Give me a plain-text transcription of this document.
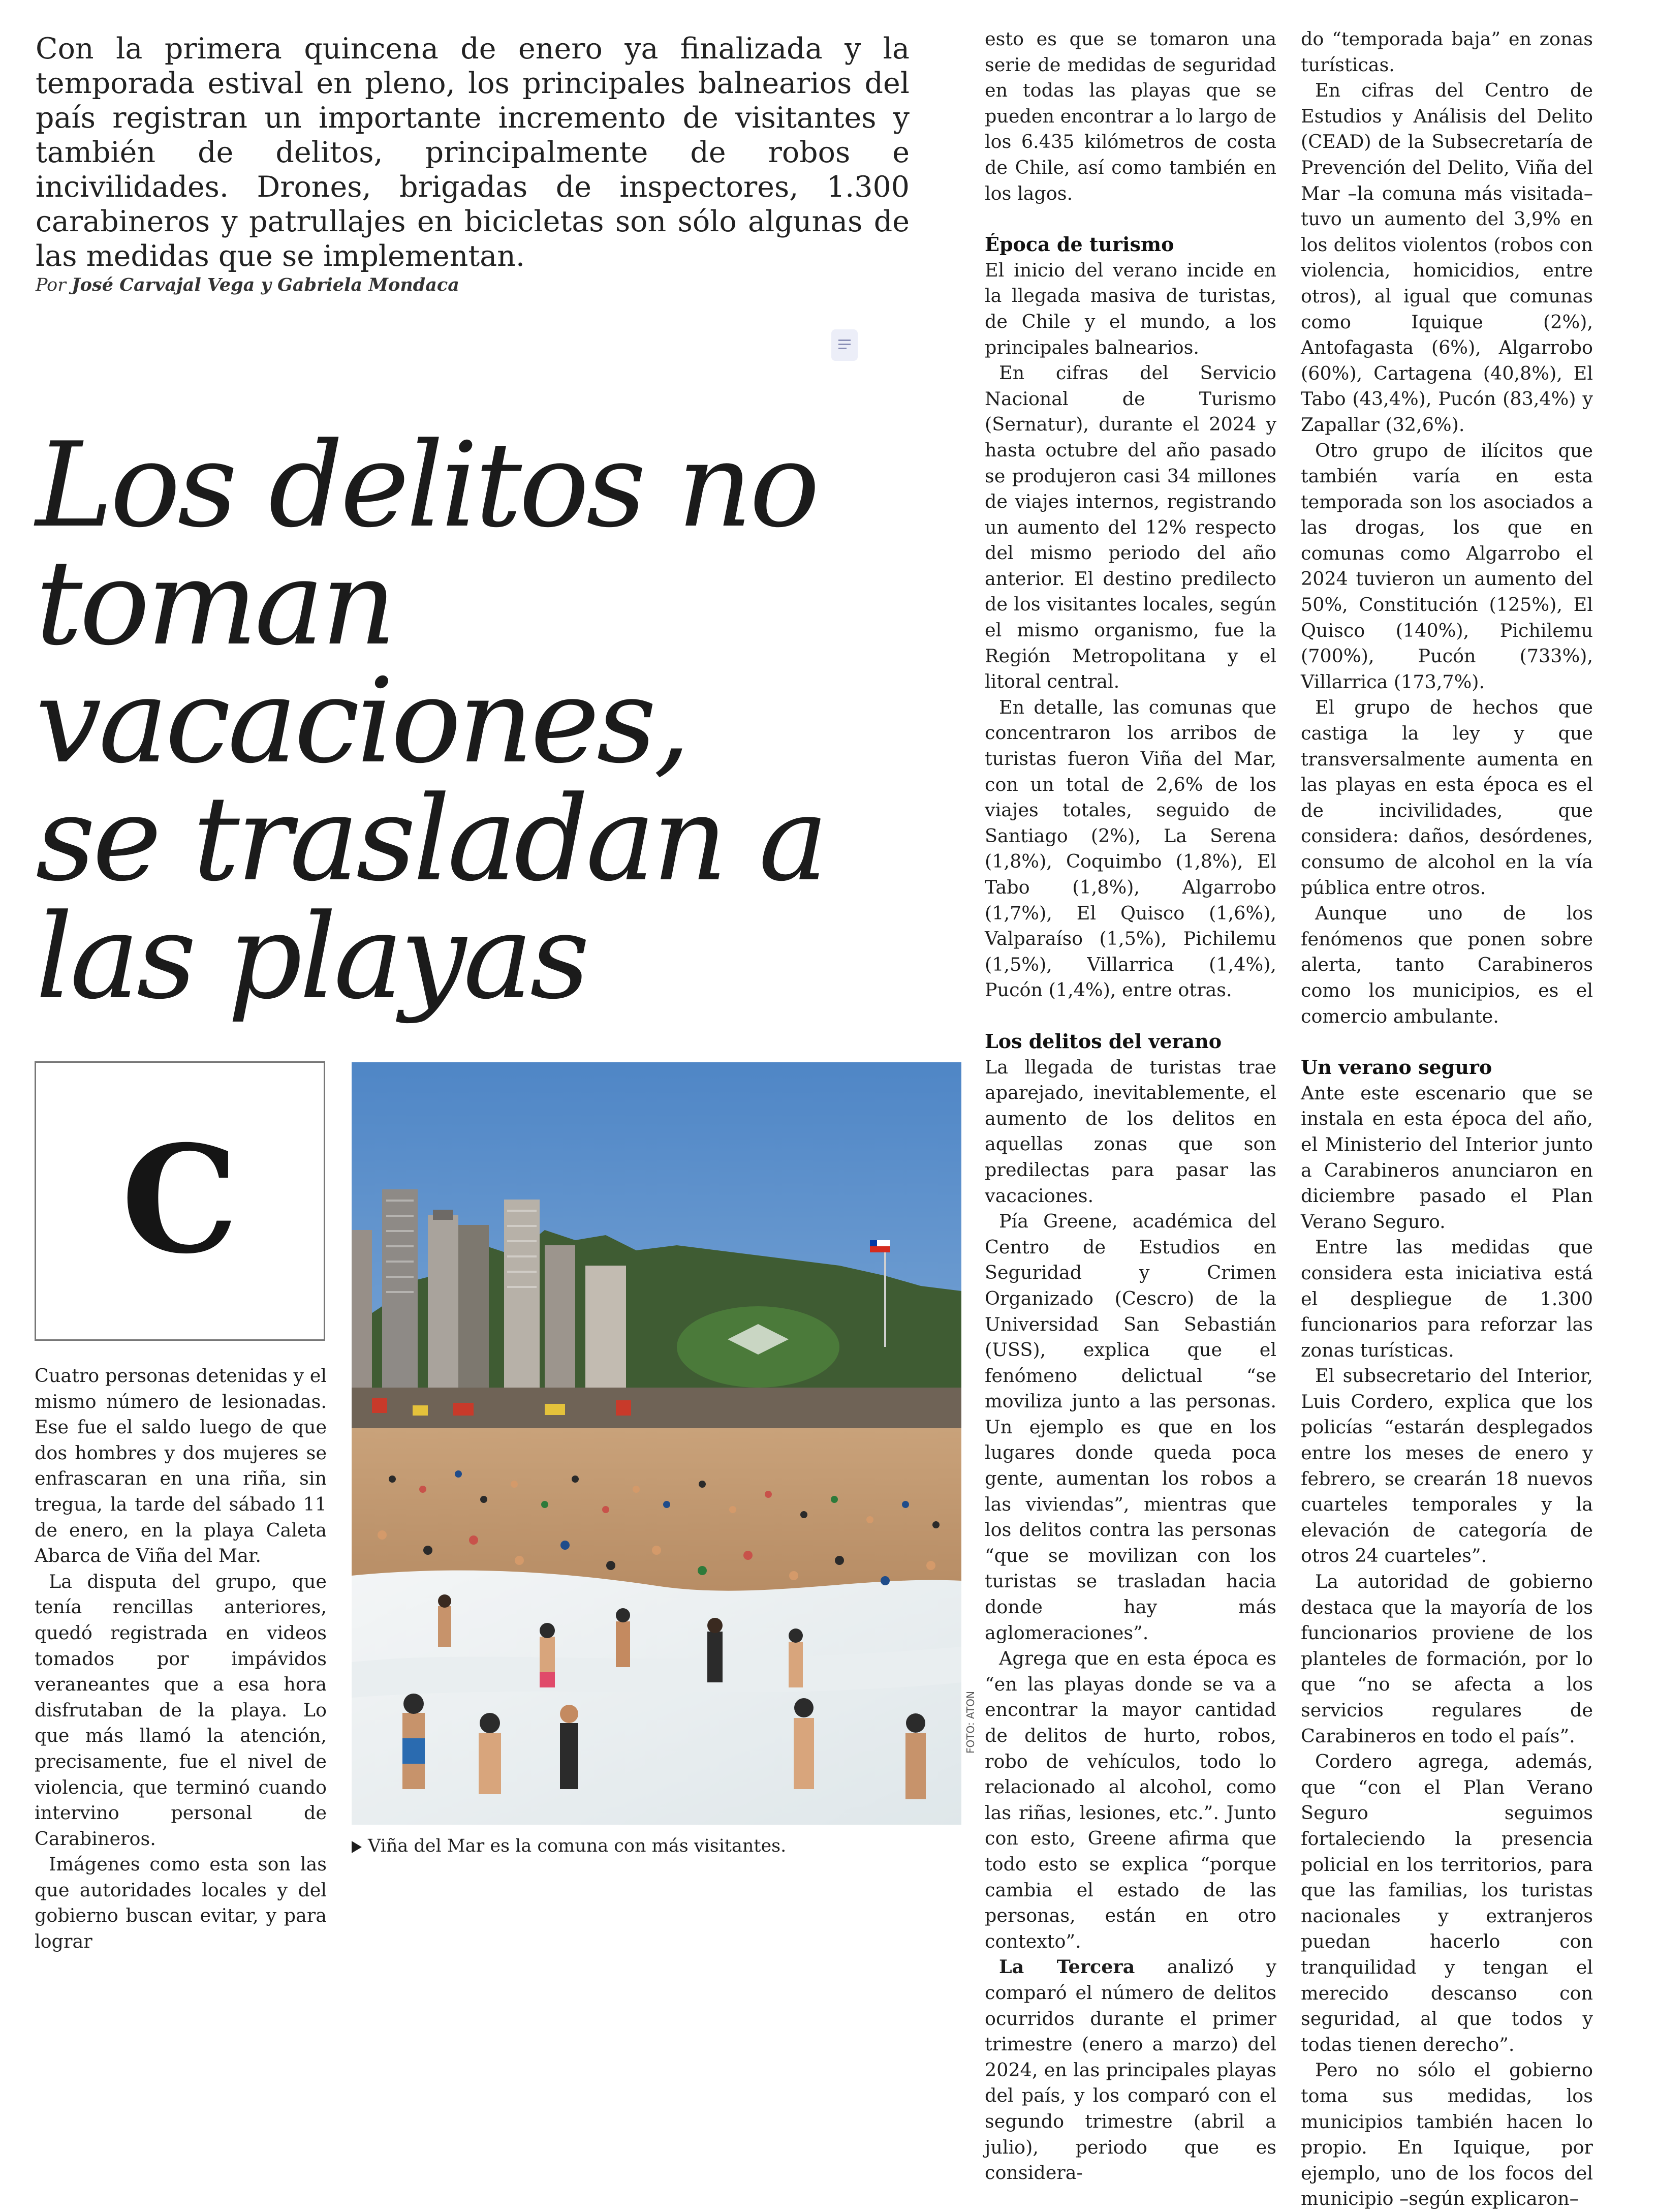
Con la primera quincena de enero ya finalizada y la temporada estival en pleno, los principales balnearios del país registran un importante incremento de visitantes y también de delitos, principalmente de robos e incivilidades. Drones, brigadas de inspectores, 1.300 carabineros y patrullajes en bicicletas son sólo algunas de las medidas que se implementan.

Por José Carvajal Vega y Gabriela Mondaca
Los delitos no
toman vacaciones,
se trasladan a
las playas
C

Cuatro personas detenidas y el mismo número de lesionadas. Ese fue el saldo luego de que dos hombres y dos mujeres se enfrascaran en una riña, sin tregua, la tarde del sábado 11 de enero, en la playa Caleta Abarca de Viña del Mar.

La disputa del grupo, que tenía rencillas anteriores, quedó registrada en videos tomados por impávidos veraneantes que a esa hora disfrutaban de la playa. Lo que más llamó la atención, precisamente, fue el nivel de violencia, que terminó cuando intervino personal de Carabineros.

Imágenes como esta son las que autoridades locales y del gobierno buscan evitar, y para lograr

FOTO: ATON
Viña del Mar es la comuna con más visitantes.

esto es que se tomaron una serie de medidas de seguridad en todas las playas que se pueden encontrar a lo largo de los 6.435 kilómetros de costa de Chile, así como también en los lagos.

Época de turismo

El inicio del verano incide en la llegada masiva de turistas, de Chile y el mundo, a los principales balnearios.

En cifras del Servicio Nacional de Turismo (Sernatur), durante el 2024 y hasta octubre del año pasado se produjeron casi 34 millones de viajes internos, registrando un aumento del 12% respecto del mismo periodo del año anterior. El destino predilecto de los visitantes locales, según el mismo organismo, fue la Región Metropolitana y el litoral central.

En detalle, las comunas que concentraron los arribos de turistas fueron Viña del Mar, con un total de 2,6% de los viajes totales, seguido de Santiago (2%), La Serena (1,8%), Coquimbo (1,8%), El Tabo (1,8%), Algarrobo (1,7%), El Quisco (1,6%), Valparaíso (1,5%), Pichilemu (1,5%), Villarrica (1,4%), Pucón (1,4%), entre otras.

Los delitos del verano

La llegada de turistas trae aparejado, inevitablemente, el aumento de los delitos en aquellas zonas que son predilectas para pasar las vacaciones.

Pía Greene, académica del Centro de Estudios en Seguridad y Crimen Organizado (Cescro) de la Universidad San Sebastián (USS), explica que el fenómeno delictual “se moviliza junto a las personas. Un ejemplo es que en los lugares donde queda poca gente, aumentan los robos a las viviendas”, mientras que los delitos contra las personas “que se movilizan con los turistas se trasladan hacia donde hay más aglomeraciones”.

Agrega que en esta época es “en las playas donde se va a encontrar la mayor cantidad de delitos de hurto, robos, robo de vehículos, todo lo relacionado al alcohol, como las riñas, lesiones, etc.”. Junto con esto, Greene afirma que todo esto se explica “porque cambia el estado de las personas, están en otro contexto”.

La Tercera analizó y comparó el número de delitos ocurridos durante el primer trimestre (enero a marzo) del 2024, en las principales playas del país, y los comparó con el segundo trimestre (abril a julio), periodo que es considera-

do “temporada baja” en zonas turísticas.

En cifras del Centro de Estudios y Análisis del Delito (CEAD) de la Subsecretaría de Prevención del Delito, Viña del Mar –la comuna más visitada– tuvo un aumento del 3,9% en los delitos violentos (robos con violencia, homicidios, entre otros), al igual que comunas como Iquique (2%), Antofagasta (6%), Algarrobo (60%), Cartagena (40,8%), El Tabo (43,4%), Pucón (83,4%) y Zapallar (32,6%).

Otro grupo de ilícitos que también varía en esta temporada son los asociados a las drogas, los que en comunas como Algarrobo el 2024 tuvieron un aumento del 50%, Constitución (125%), El Quisco (140%), Pichilemu (700%), Pucón (733%), Villarrica (173,7%).

El grupo de hechos que castiga la ley y que transversalmente aumenta en las playas en esta época es el de incivilidades, que considera: daños, desórdenes, consumo de alcohol en la vía pública entre otros.

Aunque uno de los fenómenos que ponen sobre alerta, tanto Carabineros como los municipios, es el comercio ambulante.

Un verano seguro

Ante este escenario que se instala en esta época del año, el Ministerio del Interior junto a Carabineros anunciaron en diciembre pasado el Plan Verano Seguro.

Entre las medidas que considera esta iniciativa está el despliegue de 1.300 funcionarios para reforzar las zonas turísticas.

El subsecretario del Interior, Luis Cordero, explica que los policías “estarán desplegados entre los meses de enero y febrero, se crearán 18 nuevos cuarteles temporales y la elevación de categoría de otros 24 cuarteles”.

La autoridad de gobierno destaca que la mayoría de los funcionarios proviene de los planteles de formación, por lo que “no se afecta a los servicios regulares de Carabineros en todo el país”.

Cordero agrega, además, que “con el Plan Verano Seguro seguimos fortaleciendo la presencia policial en los territorios, para que las familias, los turistas nacionales y extranjeros puedan hacerlo con tranquilidad y tengan el merecido descanso con seguridad, al que todos y todas tienen derecho”.

Pero no sólo el gobierno toma sus medidas, los municipios también hacen lo propio. En Iquique, por ejemplo, uno de los focos del municipio –según explicaron–
